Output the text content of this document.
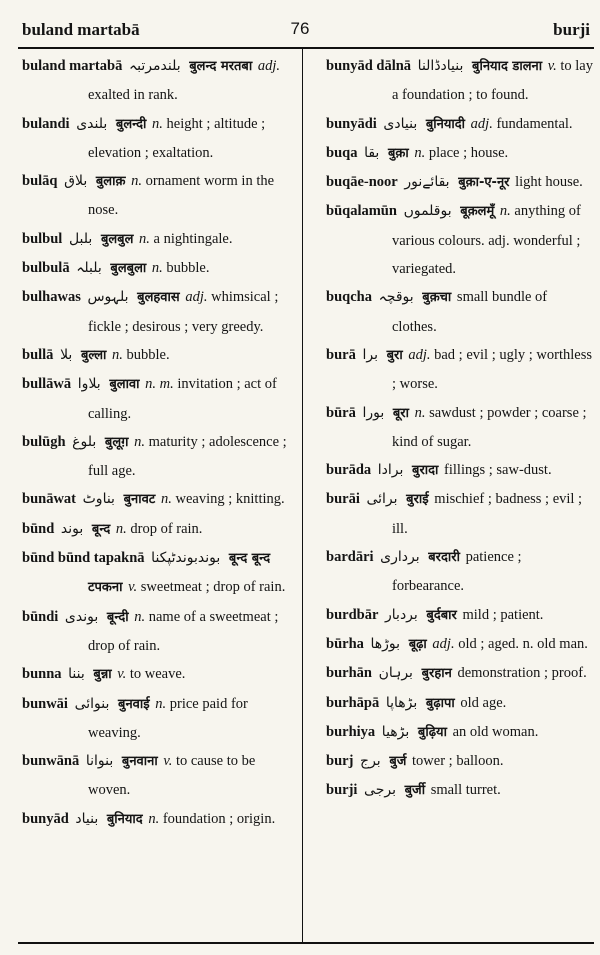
buland martabā	76	burji
buland martabā بلندمرتبہ बुलन्द मरतबा adj. exalted in rank.
bulandi بلندی बुलन्दी n. height ; altitude ; elevation ; exaltation.
bulāq بلاق बुलाक़ n. ornament worm in the nose.
bulbul بلبل बुलबुल n. a nightingale.
bulbulā بلبلہ बुलबुला n. bubble.
bulhawas بلہوس बुलहवास adj. whimsical ; fickle ; desirous ; very greedy.
bullā بلا बुल्ला n. bubble.
bullāwā بلاوا बुलावा n. m. invitation ; act of calling.
bulūgh بلوغ बुलूग़ n. maturity ; adolescence ; full age.
bunāwat بناوٹ बुनावट n. weaving ; knitting.
būnd بوند बून्द n. drop of rain.
būnd būnd tapaknā بوندبوندٹپکنا बून्द बून्द टपकना v. sweetmeat ; drop of rain.
būndi بوندی बून्दी n. name of a sweetmeat ; drop of rain.
bunna بننا बुन्ना v. to weave.
bunwāi بنوائی बुनवाई n. price paid for weaving.
bunwānā بنوانا बुनवाना v. to cause to be woven.
bunyād بنیاد बुनियाद n. foundation ; origin.
bunyād dālnā بنیادڈالنا बुनियाद डालना v. to lay a foundation ; to found.
bunyādi بنیادی बुनियादी adj. fundamental.
buqa بقا बुक़ा n. place ; house.
buqāe-noor بقائےنور बुक़ा-ए-नूर light house.
būqalamūn بوقلموں बूक़लमूँ n. anything of various colours. adj. wonderful ; variegated.
buqcha بوقچہ बुक़चा small bundle of clothes.
burā برا बुरा adj. bad ; evil ; ugly ; worthless ; worse.
būrā بورا बूरा n. sawdust ; powder ; coarse ; kind of sugar.
burāda برادا बुरादा fillings ; saw-dust.
burāi برائی बुराई mischief ; badness ; evil ; ill.
bardāri برداری बरदारी patience ; forbearance.
burdbār بردبار बुर्दबार mild ; patient.
būrha بوڑھا बूढ़ा adj. old ; aged. n. old man.
burhān برہان बुरहान demonstration ; proof.
burhāpā بڑھاپا बुढ़ापा old age.
burhiya بڑھیا बुढ़िया an old woman.
burj برج बुर्ज tower ; balloon.
burji برجی बुर्जी small turret.
